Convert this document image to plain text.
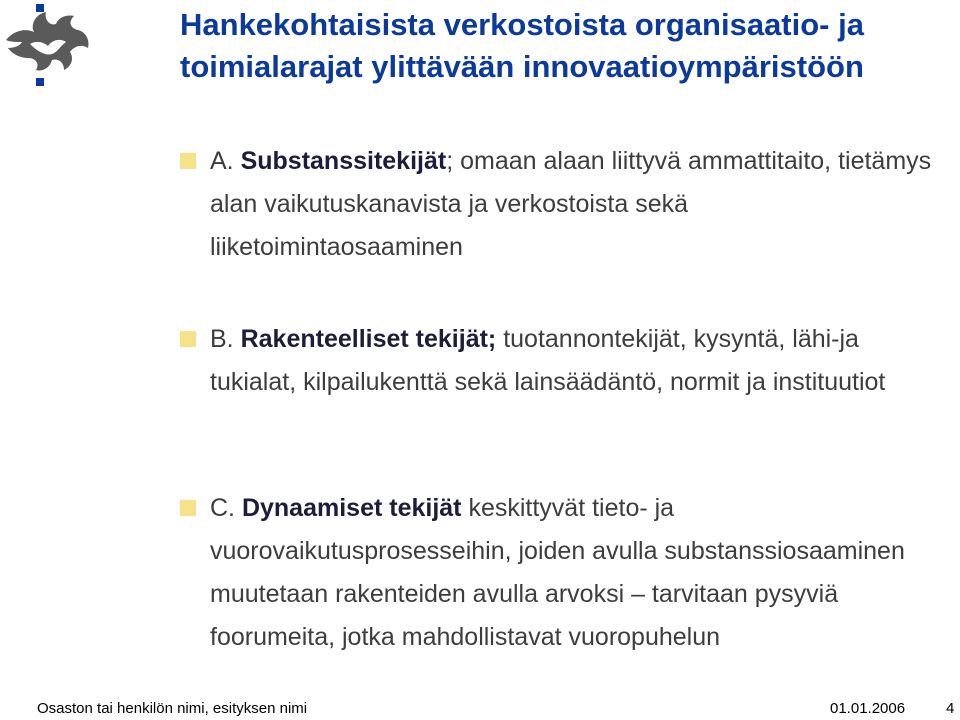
Hankekohtaisista verkostoista organisaatio- ja toimialarajat ylittävään innovaatioympäristöön
A. Substanssitekijät; omaan alaan liittyvä ammattitaito, tietämys alan vaikutuskanavista ja verkostoista sekä liiketoimintaosaaminen
B. Rakenteelliset tekijät; tuotannontekijät, kysyntä, lähi-ja tukialat, kilpailukenttä sekä lainsäädäntö, normit ja instituutiot
C. Dynaamiset tekijät keskittyvät tieto- ja vuorovaikutusprosesseihin, joiden avulla substanssiosaaminen muutetaan rakenteiden avulla arvoksi – tarvitaan pysyviä foorumeita, jotka mahdollistavat vuoropuhelun
Osaston tai henkilön nimi, esityksen nimi	01.01.2006	4
